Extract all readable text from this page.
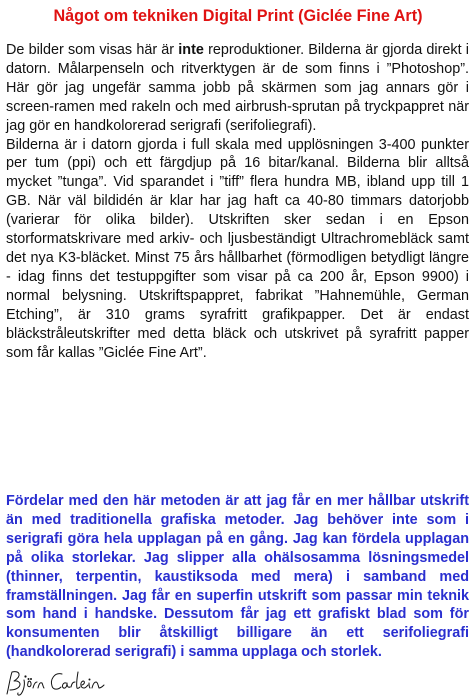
Något om tekniken Digital Print (Giclée Fine Art)

De bilder som visas här är inte reproduktioner. Bilderna är gjorda direkt i datorn. Målarpenseln och ritverktygen är de som finns i ”Photoshop”. Här gör jag ungefär samma jobb på skärmen som jag annars gör i screen-ramen med rakeln och med airbrush-sprutan på tryckpappret när jag gör en handkolorerad serigrafi (serifoliegrafi).
Bilderna är i datorn gjorda i full skala med upplösningen 3-400 punkter per tum (ppi) och ett färgdjup på 16 bitar/kanal. Bilderna blir alltså mycket ”tunga”. Vid sparandet i ”tiff” flera hundra MB, ibland upp till 1 GB. När väl bildidén är klar har jag haft ca 40-80 timmars datorjobb (varierar för olika bilder). Utskriften sker sedan i en Epson storformatskrivare med arkiv- och ljusbeständigt Ultrachromebläck samt det nya K3-bläcket. Minst 75 års hållbarhet (förmodligen betydligt längre - idag finns det testuppgifter som visar på ca 200 år, Epson 9900) i normal belysning. Utskriftspappret, fabrikat ”Hahnemühle, German Etching”, är 310 grams syrafritt grafikpapper. Det är endast bläckstråleutskrifter med detta bläck och utskrivet på syrafritt papper som får kallas ”Giclée Fine Art”.

Fördelar med den här metoden är att jag får en mer hållbar utskrift än med traditionella grafiska metoder. Jag behöver inte som i serigrafi göra hela upplagan på en gång. Jag kan fördela upplagan på olika storlekar. Jag slipper alla ohälsosamma lösningsmedel (thinner, terpentin, kaustiksoda med mera) i samband med framställningen. Jag får en superfin utskrift som passar min teknik som hand i handske. Dessutom får jag ett grafiskt blad som för konsumenten blir åtskilligt billigare än ett serifoliegrafi (handkolorerad serigrafi) i samma upplaga och storlek.
